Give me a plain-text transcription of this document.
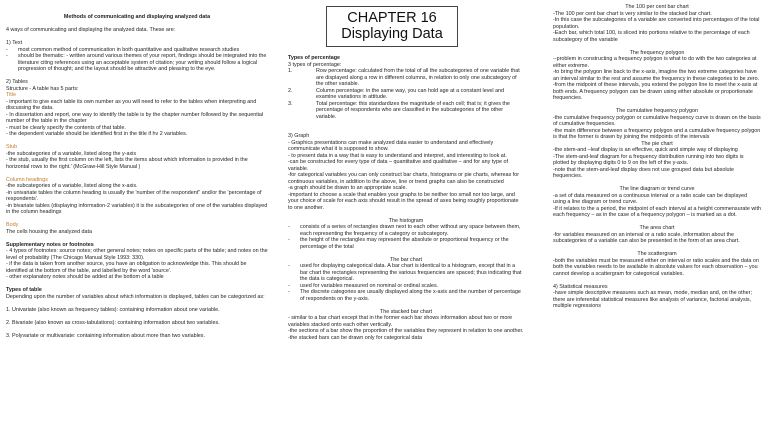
CHAPTER 16
Displaying Data

Methods of communicating and displaying analyzed data

4 ways of communicating and displaying the analyzed data. These are:

1) Text

-	most common method of communication in both quantitative and qualitative research studies
-	should be thematic: - written around various themes of your report, findings should be integrated into the literature citing references using an acceptable system of citation; your writing should follow a logical progression of thought; and the layout should be attractive and pleasing to the eye.

2) Tables

Structure - A table has 5 parts:

Title

- important to give each table its own number as you will need to refer to the tables when interpreting and discussing the data.

- In dissertation and report, one way to identify the table is by the chapter number followed by the sequential number of the table in the chapter

- must be clearly specify the contents of that table.

- the dependent variable should be identified first in the title if hv 2 variables.

Stub

-the subcategories of a variable, listed along the y-axis

- the stub, usually the first column on the left, lists the items about which information is provided in the horizontal rows to the right.' (McGraw-Hill Style Manual )

Column headings

-the subcategories of a variable, listed along the x-axis.

-in univariate tables the column heading is usually the 'number of the respondent'' and/or the 'percentage of respondents'.

-in bivariate tables (displaying information-2 variables) it is the subcategories of one of the variables displayed in the column headings

Body

The cells housing the analyzed data

Supplementary notes or footnotes

- 4 types of footnotes: source notes; other general notes; notes on specific parts of the table; and notes on the level of probability (The Chicago Manual Style 1993: 330).

- if the data is taken from another source, you have an obligation to acknowledge this. This should be identified at the bottom of the table, and labelled by the word 'source'.

- other explanatory notes should be added at the bottom of a table

Types of table

Depending upon the number of variables about which information is displayed, tables can be categorized as:

1. Univariate (also known as frequency tables): containing information about one variable.

2. Bivariate (also known as cross-tabulations): containing information about two variables.

3. Polyvariate or multivariate: containing information about more than two variables.

Types of percentage

3 types of percentage:

1.	Row percentage: calculated from the total of all the subcategories of one variable that are displayed along a row in different columns, in relation to only one subcategory of the other variable.
2.	Column percentage: in the same way, you can hold age at a constant level and examine variations in attitude.
3.	Total percentage: this standardizes the magnitude of each cell; that is; it gives the percentage of respondents who are classified in the subcategories of the other variable.

3) Graph

- Graphics presentations can make analyzed data easier to understand and effectively communicate what it is supposed to show.

- to present data in a way that is easy to understand and interpret, and interesting to look at.

-can be constructed for every type of data – quantitative and qualitative – and for any type of variable.

-for categorical variables you can only construct bar charts, histograms or pie charts, whereas for continuous variables, in addition to the above, line or trend graphs can also be constructed

-a graph should be drawn to an appropriate scale.

-important to choose a scale that enables your graphs to be neither too small nor too large, and your choice of scale for each axis should result in the spread of axes being roughly proportionate to one another.

The histogram

-	consists of a series of rectangles drawn next to each other without any space between them, each representing the frequency of a category or subcategory.
-	the height of the rectangles may represent the absolute or proportional frequency or the percentage of the total

The bar chart

-	used for displaying categorical data. A bar chart is identical to a histogram, except that in a bar chart the rectangles representing the various frequencies are spaced; thus indicating that the data is categorical.
-	used for variables measured on nominal or ordinal scales.
-	The discrete categories are usually displayed along the x-axis and the number of percentage of respondents on the y-axis.

The stacked bar chart

- similar to a bar chart except that in the former each bar shows information about two or more variables stacked onto each other vertically.

-the sections of a bar show the proportion of the variables they represent in relation to one another.

-the stacked bars can be drawn only for categorical data

The 100 per cent bar chart

-The 100 per cent bar chart is very similar to the stacked bar chart.

-In this case the subcategories of a variable are converted into percentages of the total population.

-Each bar, which total 100, is sliced into portions relative to the percentage of each subcategory of the variable

The frequency polygon

--problem in constructing a frequency polygon is what to do with the two categories at either extreme.

-to bring the polygon line back to the x-axis, imagine the two extreme categories have an interval similar to the rest and assume the frequency in these categories to be zero.

-from the midpoint of these intervals, you extend the polygon line to meet the x-axis at both ends. A frequency polygon can be drawn using either absolute or proportionate frequencies.

The cumulative frequency polygon

-the cumulative frequency polygon or cumulative frequency curve is drawn on the basis of cumulative frequencies.

-the main difference between a frequency polygon and a cumulative frequency polygon is that the former is drawn by joining the midpoints of the intervals

The pie chart

-the stem-and –leaf display is an effective, quick and simple way of displaying

-The stem-and-leaf diagram for a frequency distribution running into two digits is plotted by displaying digits 0 to 9 on the left of the y-axis.

-note that the stem-and-leaf display does not use grouped data but absolute frequencies.

The line diagram or trend curve

-a set of data measured on a continuous interval or a ratio scale can be displayed using a line diagram or trend curve.

-If it relates to the a period, the midpoint of each interval at a height commensurate with each frequency – as in the case of a frequency polygon – is marked as a dot.

The area chart

-for variables measured on an interval or a ratio scale, information about the subcategories of a variable can also be presented in the form of an area chart.

The scattergram

-both the variables must be measured either on interval or ratio scales and the data on both the variables needs to be available in absolute values for each observation – you cannot develop a scattergram for categorical variables.

4) Statistical measures

-have simple descriptive measures such as mean, mode, median and, on the other; there are inferential statistical measures like analysis of variance, factorial analysis, multiple regressions
